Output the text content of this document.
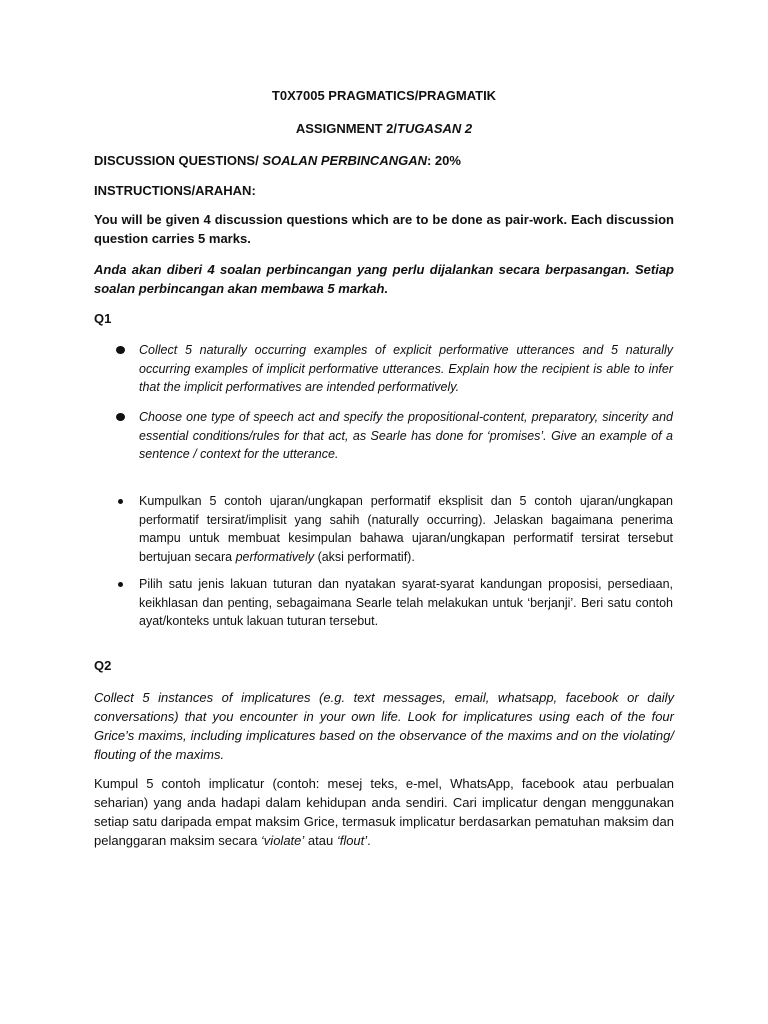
T0X7005 PRAGMATICS/PRAGMATIK
ASSIGNMENT 2/TUGASAN 2
DISCUSSION QUESTIONS/ SOALAN PERBINCANGAN: 20%
INSTRUCTIONS/ARAHAN:
You will be given 4 discussion questions which are to be done as pair-work. Each discussion question carries 5 marks.
Anda akan diberi 4 soalan perbincangan yang perlu dijalankan secara berpasangan. Setiap soalan perbincangan akan membawa 5 markah.
Q1
Collect 5 naturally occurring examples of explicit performative utterances and 5 naturally occurring examples of implicit performative utterances. Explain how the recipient is able to infer that the implicit performatives are intended performatively.
Choose one type of speech act and specify the propositional-content, preparatory, sincerity and essential conditions/rules for that act, as Searle has done for ‘promises’. Give an example of a sentence / context for the utterance.
Kumpulkan 5 contoh ujaran/ungkapan performatif eksplisit dan 5 contoh ujaran/ungkapan performatif tersirat/implisit yang sahih (naturally occurring). Jelaskan bagaimana penerima mampu untuk membuat kesimpulan bahawa ujaran/ungkapan performatif tersirat tersebut bertujuan secara performatively (aksi performatif).
Pilih satu jenis lakuan tuturan dan nyatakan syarat-syarat kandungan proposisi, persediaan, keikhlasan dan penting, sebagaimana Searle telah melakukan untuk ‘berjanji’. Beri satu contoh ayat/konteks untuk lakuan tuturan tersebut.
Q2
Collect 5 instances of implicatures (e.g. text messages, email, whatsapp, facebook or daily conversations) that you encounter in your own life. Look for implicatures using each of the four Grice’s maxims, including implicatures based on the observance of the maxims and on the violating/ flouting of the maxims.
Kumpul 5 contoh implicatur (contoh: mesej teks, e-mel, WhatsApp, facebook atau perbualan seharian) yang anda hadapi dalam kehidupan anda sendiri. Cari implicatur dengan menggunakan setiap satu daripada empat maksim Grice, termasuk implicatur berdasarkan pematuhan maksim dan pelanggaran maksim secara ‘violate’ atau ‘flout’.
